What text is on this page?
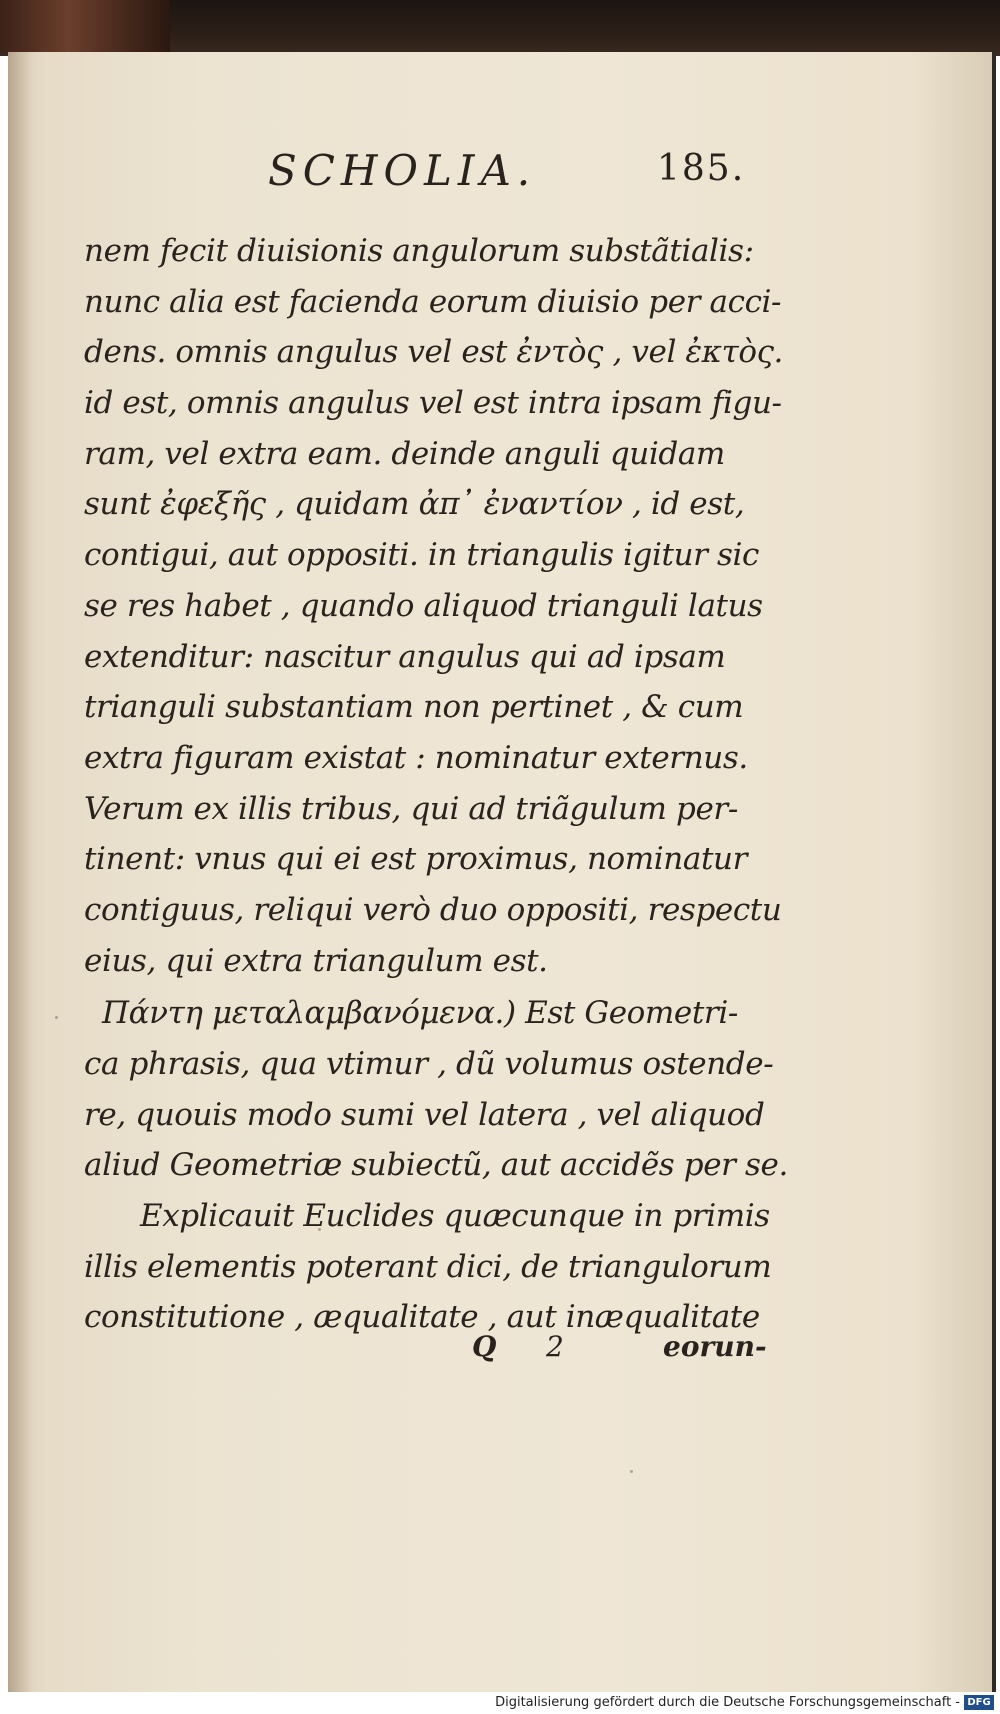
SCHOLIA.	185.
nem fecit diuisionis angulorum substãtialis:
nunc alia est facienda eorum diuisio per acci-
dens. omnis angulus vel est ἐντὸς , vel ἐκτὸς.
id est, omnis angulus vel est intra ipsam figu-
ram, vel extra eam. deinde anguli quidam
sunt ἐφεξῆς , quidam ἀπ᾽ ἐναντίον , id est,
contigui, aut oppositi. in triangulis igitur sic
se res habet , quando aliquod trianguli latus
extenditur: nascitur angulus qui ad ipsam
trianguli substantiam non pertinet , & cum
extra figuram existat : nominatur externus.
Verum ex illis tribus, qui ad triãgulum per-
tinent: vnus qui ei est proximus, nominatur
contiguus, reliqui verò duo oppositi, respectu
eius, qui extra triangulum est.
Πάντη μεταλαμβανόμενα.) Est Geometri-
ca phrasis, qua vtimur , dũ volumus ostende-
re, quouis modo sumi vel latera , vel aliquod
aliud Geometriæ subiectũ, aut accidẽs per se.
Explicauit Euclides quæcunque in primis
illis elementis poterant dici, de triangulorum
constitutione , æqualitate , aut inæqualitate
Q 2	eorun-
Digitalisierung gefördert durch die Deutsche Forschungsgemeinschaft - DFG
